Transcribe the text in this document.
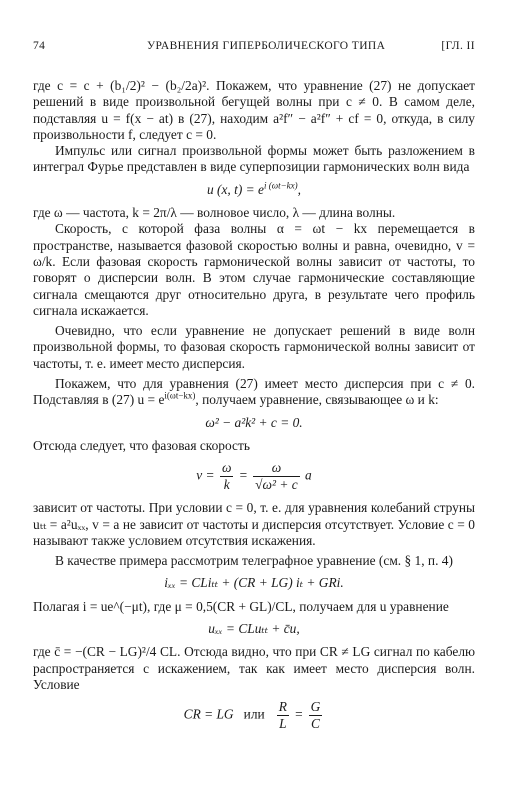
74	УРАВНЕНИЯ ГИПЕРБОЛИЧЕСКОГО ТИПА	[ГЛ. II

где c = c + (b₁/2)² − (b₂/2a)². Покажем, что уравнение (27) не допускает решений в виде произвольной бегущей волны при c ≠ 0. В самом деле, подставляя u = f(x − at) в (27), находим a²f″ − a²f″ + cf = 0, откуда, в силу произвольности f, следует c = 0.

Импульс или сигнал произвольной формы может быть разложением в интеграл Фурье представлен в виде суперпозиции гармонических волн вида

u (x, $t) = e^{i (\omega t-kx)}$,

где ω — частота, k = 2π/λ — волновое число, λ — длина волны.

Скорость, с которой фаза волны α = ωt − kx перемещается в пространстве, называется фазовой скоростью волны и равна, очевидно, v = ω/k. Если фазовая скорость гармонической волны зависит от частоты, то говорят о дисперсии волн. В этом случае гармонические составляющие сигнала смещаются друг относительно друга, в результате чего профиль сигнала искажается.

Очевидно, что если уравнение не допускает решений в виде волн произвольной формы, то фазовая скорость гармонической волны зависит от частоты, т. е. имеет место дисперсия.

Покажем, что для уравнения (27) имеет место дисперсия при c ≠ 0. Подставляя в (27) $u = e^{i(\omega t-kx)}$, получаем уравнение, связывающее ω и k:

ω² − a²k² + c = 0.

Отсюда следует, что фазовая скорость

$v = \frac{\omega}{k} = \frac{\omega}{\text{√ω² + c}}$ a

зависит от частоты. При условии c = 0, т. е. для уравнения колебаний струны uₜₜ = a²uₓₓ, v = a не зависит от частоты и дисперсия отсутствует. Условие c = 0 называют также условием отсутствия искажения.

В качестве примера рассмотрим телеграфное уравнение (см. § 1, п. 4)

iₓₓ = CLiₜₜ + (CR + LG) iₜ + GRi.

Полагая i = ue^(−μt), где μ = 0,5(CR + GL)/CL, получаем для u уравнение

uₓₓ = CLuₜₜ + c̄u,

где c̄ = −(CR − LG)²/4 CL. Отсюда видно, что при CR ≠ LG сигнал по кабелю распространяется с искажением, так как имеет место дисперсия волн. Условие

CR = LG или $\frac{R}{L} = \frac{G}{C}$
